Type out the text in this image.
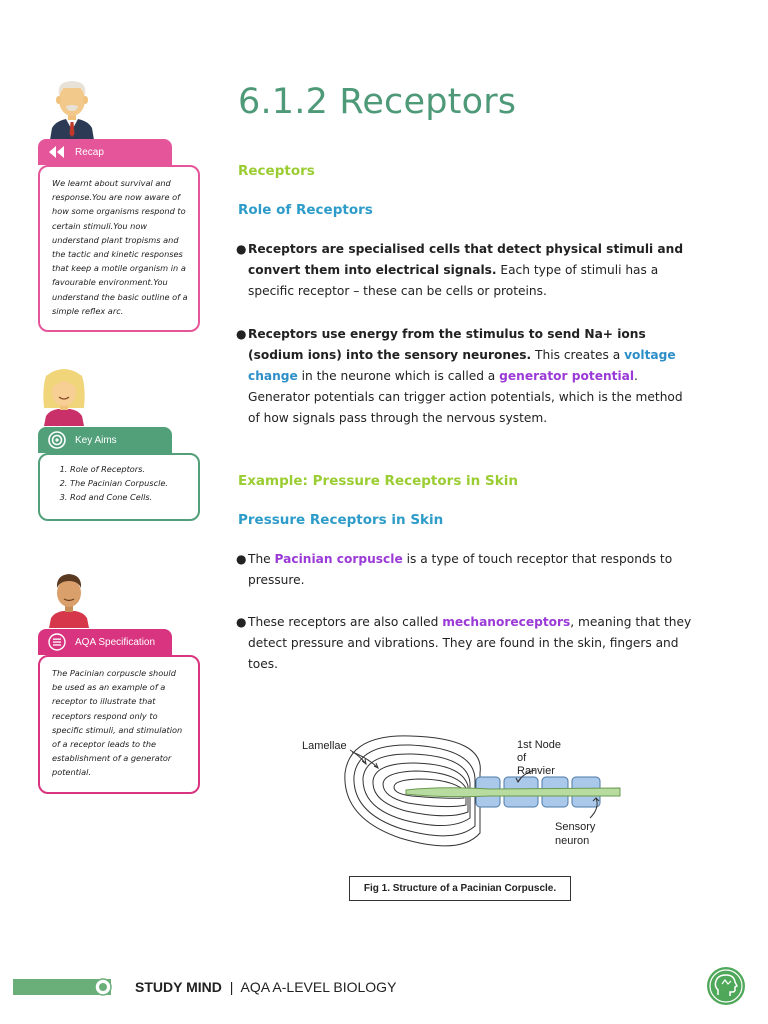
Recap
We learnt about survival and response.You are now aware of how some organisms respond to certain stimuli.You now understand plant tropisms and the tactic and kinetic responses that keep a motile organism in a favourable environment.You understand the basic outline of a simple reflex arc.
Key Aims
1. Role of Receptors.
2. The Pacinian Corpuscle.
3. Rod and Cone Cells.
AQA Specification
The Pacinian corpuscle should be used as an example of a receptor to illustrate that receptors respond only to specific stimuli, and stimulation of a receptor leads to the establishment of a generator potential.
6.1.2 Receptors
Receptors
Role of Receptors
● Receptors are specialised cells that detect physical stimuli and convert them into electrical signals. Each type of stimuli has a specific receptor – these can be cells or proteins.
● Receptors use energy from the stimulus to send Na+ ions (sodium ions) into the sensory neurones. This creates a voltage change in the neurone which is called a generator potential. Generator potentials can trigger action potentials, which is the method of how signals pass through the nervous system.
Example: Pressure Receptors in Skin
Pressure Receptors in Skin
● The Pacinian corpuscle is a type of touch receptor that responds to pressure.
● These receptors are also called mechanoreceptors, meaning that they detect pressure and vibrations. They are found in the skin, fingers and toes.
Lamellae	1st Node
of
Ranvier
Sensory
neuron
Fig 1. Structure of a Pacinian Corpuscle.
STUDY MIND | AQA A-LEVEL BIOLOGY
